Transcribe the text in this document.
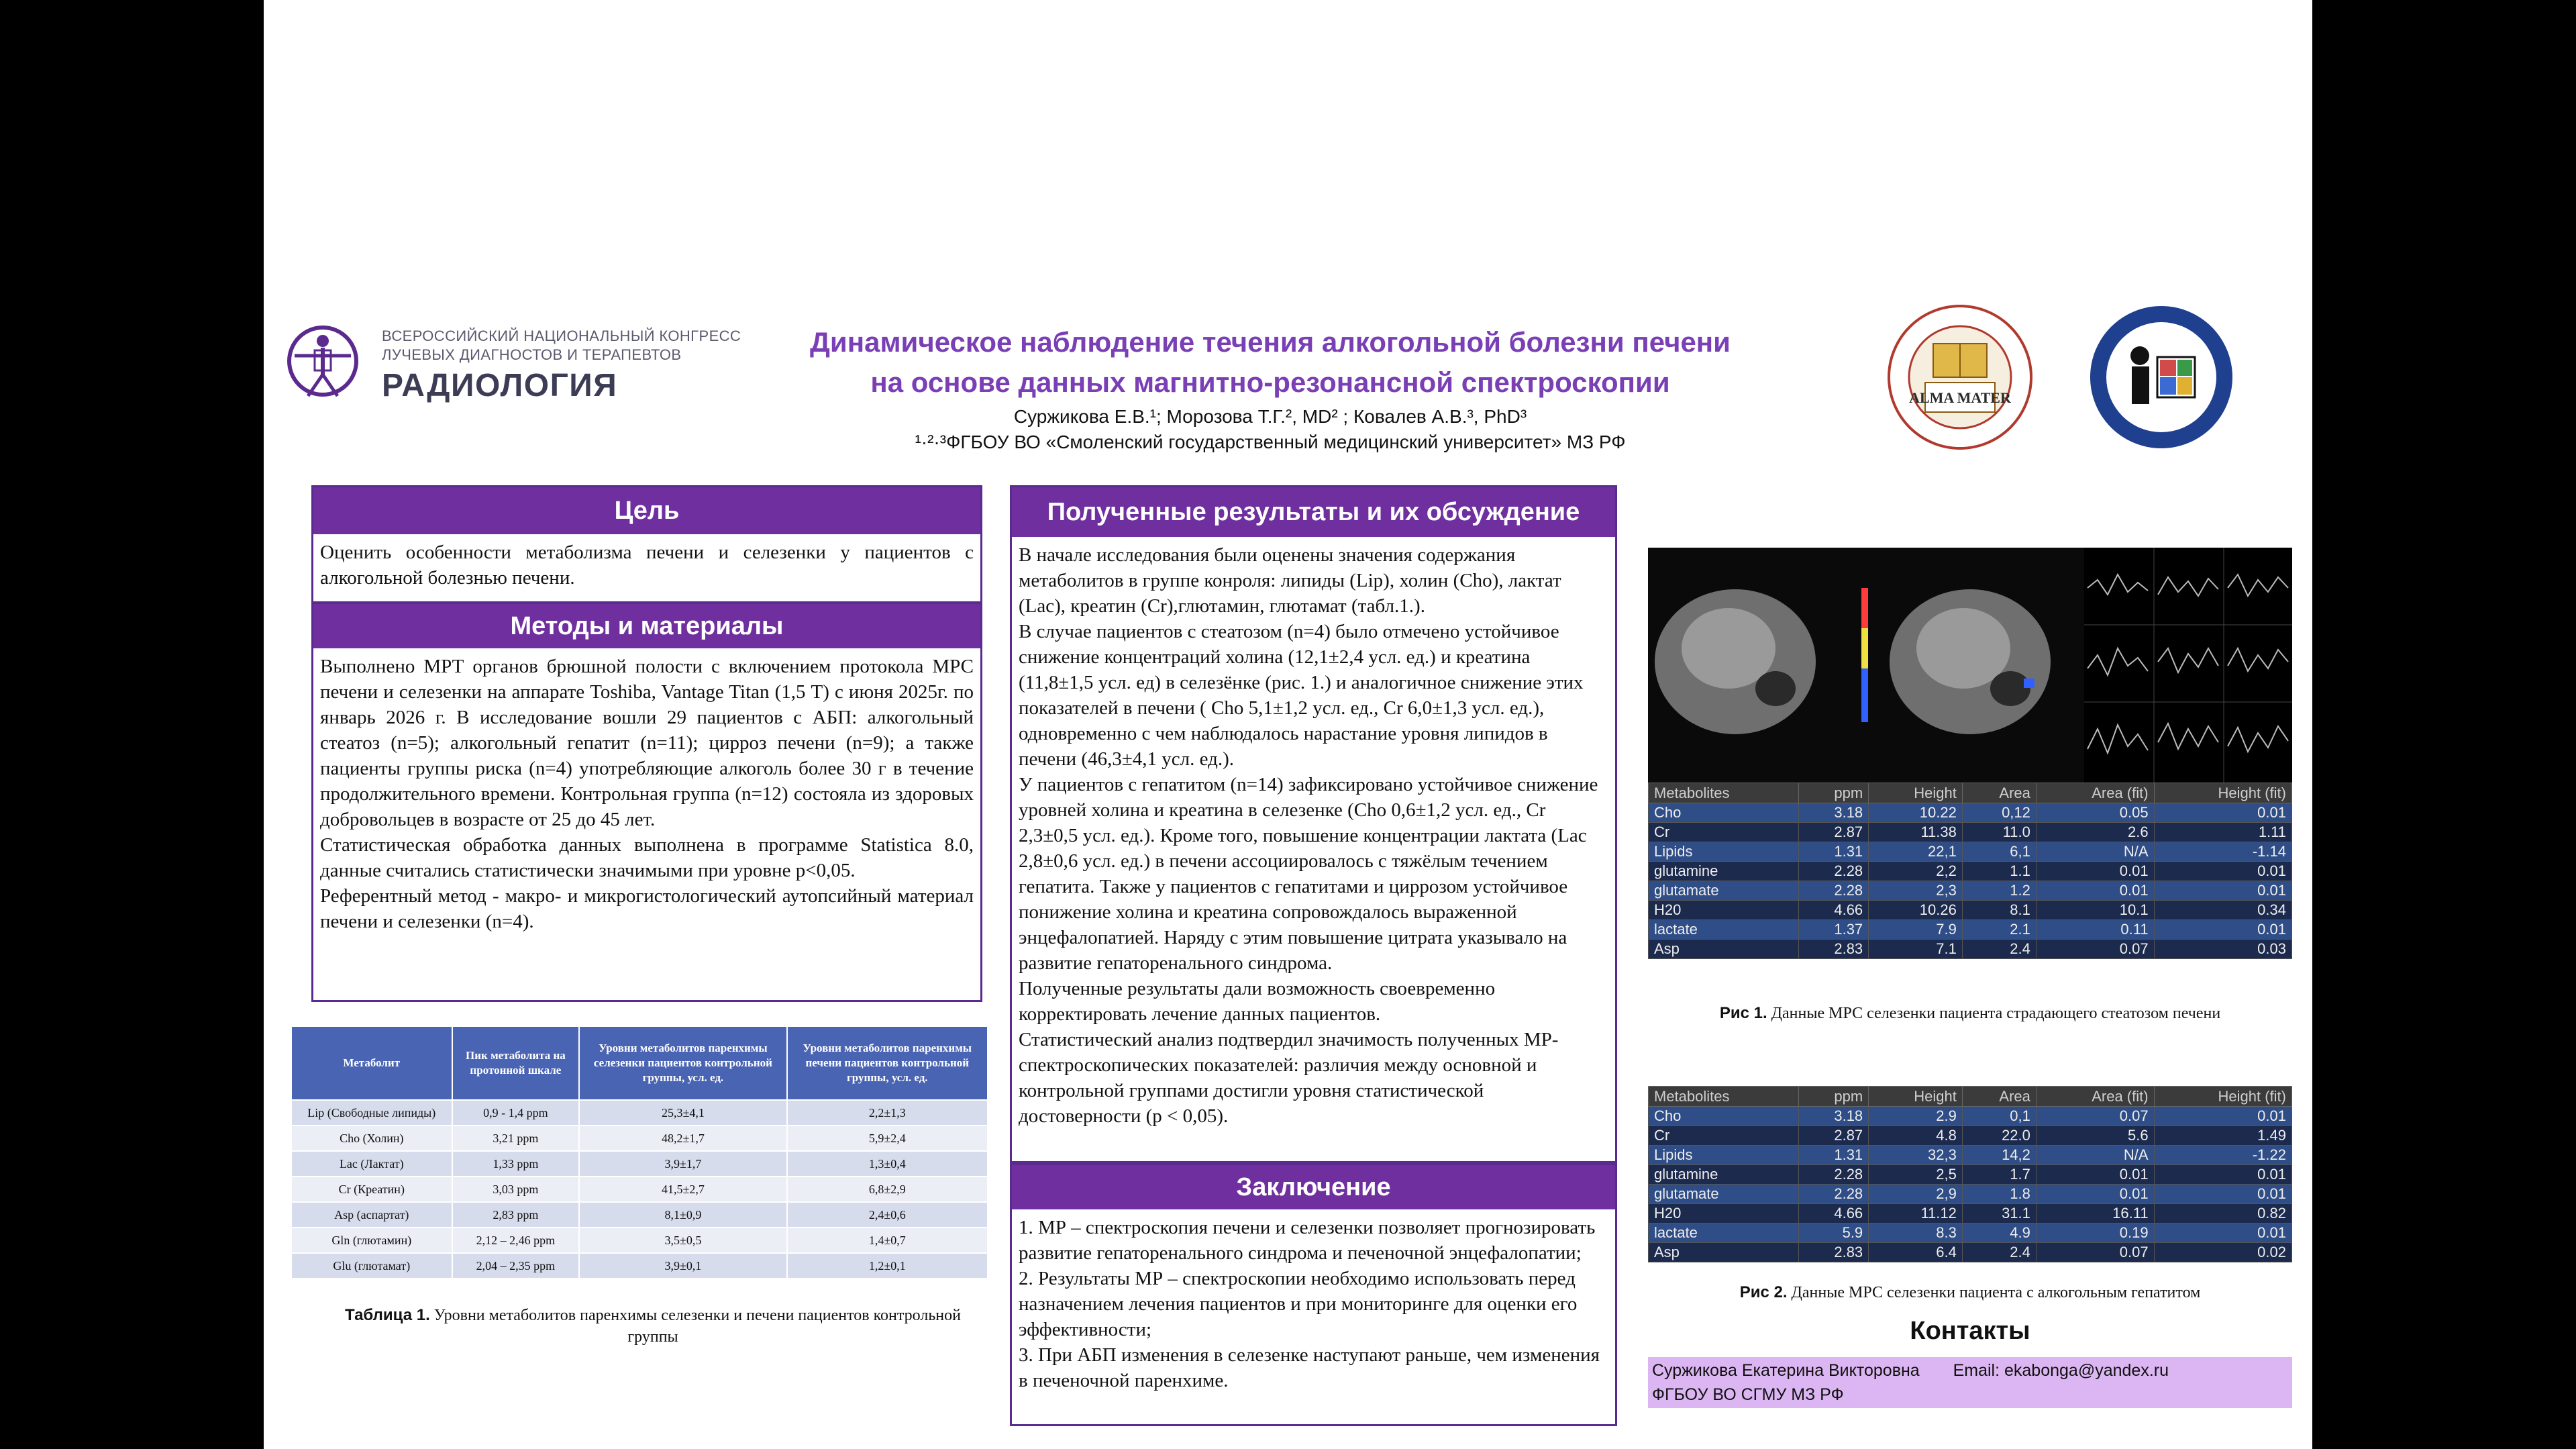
ВСЕРОССИЙСКИЙ НАЦИОНАЛЬНЫЙ КОНГРЕСС
ЛУЧЕВЫХ ДИАГНОСТОВ И ТЕРАПЕВТОВ
РАДИОЛОГИЯ
Динамическое наблюдение течения алкогольной болезни печени
на основе данных магнитно-резонансной спектроскопии
Суржикова Е.В.¹; Морозова Т.Г.², MD² ; Ковалев А.В.³, PhD³
¹·²·³ФГБОУ ВО «Смоленский государственный медицинский университет» МЗ РФ
ALMA MATER
Цель

Оценить особенности метаболизма печени и селезенки у пациентов с алкогольной болезнью печени.

Методы и материалы

Выполнено МРТ органов брюшной полости с включением протокола МРС печени и селезенки на аппарате Toshiba, Vantage Titan (1,5 Т) с июня 2025г. по январь 2026 г. В исследование вошли 29 пациентов с АБП: алкогольный стеатоз (n=5); алкогольный гепатит (n=11); цирроз печени (n=9); а также пациенты группы риска (n=4) употребляющие алкоголь более 30 г в течение продолжительного времени. Контрольная группа (n=12) состояла из здоровых добровольцев в возрасте от 25 до 45 лет.

Статистическая обработка данных выполнена в программе Statistica 8.0, данные считались статистически значимыми при уровне p<0,05.

Референтный метод - макро- и микрогистологический аутопсийный материал печени и селезенки (n=4).

Метаболит	Пик метаболита на протонной шкале	Уровни метаболитов паренхимы селезенки пациентов контрольной группы, усл. ед.	Уровни метаболитов паренхимы печени пациентов контрольной группы, усл. ед.
Lip (Свободные липиды)	0,9 - 1,4 ppm	25,3±4,1	2,2±1,3
Cho (Холин)	3,21 ppm	48,2±1,7	5,9±2,4
Lac (Лактат)	1,33 ppm	3,9±1,7	1,3±0,4
Cr (Креатин)	3,03 ppm	41,5±2,7	6,8±2,9
Asp (аспартат)	2,83 ppm	8,1±0,9	2,4±0,6
Gln (глютамин)	2,12 – 2,46 ppm	3,5±0,5	1,4±0,7
Glu (глютамат)	2,04 – 2,35 ppm	3,9±0,1	1,2±0,1
Таблица 1. Уровни метаболитов паренхимы селезенки и печени пациентов контрольной группы
Полученные результаты и их обсуждение

В начале исследования были оценены значения содержания метаболитов в группе конроля: липиды (Lip), холин (Cho), лактат (Lac), креатин (Cr),глютамин, глютамат (табл.1.).

В случае пациентов с стеатозом (n=4) было отмечено устойчивое снижение концентраций холина (12,1±2,4 усл. ед.) и креатина (11,8±1,5 усл. ед) в селезёнке (рис. 1.) и аналогичное снижение этих показателей в печени ( Cho 5,1±1,2 усл. ед., Cr 6,0±1,3 усл. ед.), одновременно с чем наблюдалось нарастание уровня липидов в печени (46,3±4,1 усл. ед.).

У пациентов с гепатитом (n=14) зафиксировано устойчивое снижение уровней холина и креатина в селезенке (Cho 0,6±1,2 усл. ед., Cr 2,3±0,5 усл. ед.). Кроме того, повышение концентрации лактата (Lac 2,8±0,6 усл. ед.) в печени ассоциировалось с тяжёлым течением гепатита. Также у пациентов с гепатитами и циррозом устойчивое понижение холина и креатина сопровождалось выраженной энцефалопатией. Наряду с этим повышение цитрата указывало на развитие гепаторенального синдрома.

Полученные результаты дали возможность своевременно корректировать лечение данных пациентов.

Статистический анализ подтвердил значимость полученных МР-спектроскопических показателей: различия между основной и контрольной группами достигли уровня статистической достоверности (p < 0,05).

Заключение

1. МР – спектроскопия печени и селезенки позволяет прогнозировать развитие гепаторенального синдрома и печеночной энцефалопатии;

2. Результаты МР – спектроскопии необходимо использовать перед назначением лечения пациентов и при мониторинге для оценки его эффективности;

3. При АБП изменения в селезенке наступают раньше, чем изменения в печеночной паренхиме.

Metabolites	ppm	Height	Area	Area (fit)	Height (fit)
Cho	3.18	10.22	0,12	0.05	0.01
Cr	2.87	11.38	11.0	2.6	1.11
Lipids	1.31	22,1	6,1	N/A	-1.14
glutamine	2.28	2,2	1.1	0.01	0.01
glutamate	2.28	2,3	1.2	0.01	0.01
H20	4.66	10.26	8.1	10.1	0.34
lactate	1.37	7.9	2.1	0.11	0.01
Asp	2.83	7.1	2.4	0.07	0.03
Рис 1. Данные МРС селезенки пациента страдающего стеатозом печени
Metabolites	ppm	Height	Area	Area (fit)	Height (fit)
Cho	3.18	2.9	0,1	0.07	0.01
Cr	2.87	4.8	22.0	5.6	1.49
Lipids	1.31	32,3	14,2	N/A	-1.22
glutamine	2.28	2,5	1.7	0.01	0.01
glutamate	2.28	2,9	1.8	0.01	0.01
H20	4.66	11.12	31.1	16.11	0.82
lactate	5.9	8.3	4.9	0.19	0.01
Asp	2.83	6.4	2.4	0.07	0.02
Рис 2. Данные МРС селезенки пациента с алкогольным гепатитом
Контакты
Суржикова Екатерина Викторовна Email: ekabonga@yandex.ru
ФГБОУ ВО СГМУ МЗ РФ
